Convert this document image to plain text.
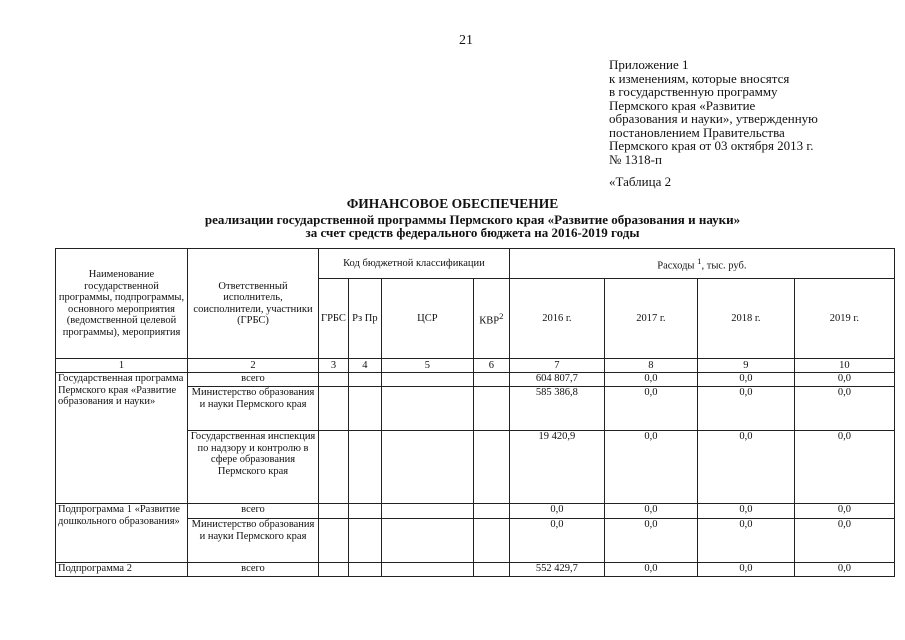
21
Приложение 1
к изменениям, которые вносятся
в государственную программу
Пермского края «Развитие
образования и науки», утвержденную
постановлением Правительства
Пермского края от 03 октября 2013 г.
№ 1318-п
«Таблица 2
ФИНАНСОВОЕ ОБЕСПЕЧЕНИЕ
реализации государственной программы Пермского края «Развитие образования и науки»
за счет средств федерального бюджета на 2016-2019 годы
Наименование государственной программы, подпрограммы, основного мероприятия (ведомственной целевой программы), мероприятия	Ответственный исполнитель, соисполнители, участники (ГРБС)	Код бюджетной классификации				Расходы $^1$, тыс. руб.			
		ГРБС	Рз Пр	ЦСР	КВР$^2$	2016 г.	2017 г.	2018 г.	2019 г.
1	2	3	4	5	6	7	8	9	10
Государственная программа Пермского края «Развитие образования и науки»	всего					604 807,7	0,0	0,0	0,0
	Министерство образования и науки Пермского края					585 386,8	0,0	0,0	0,0
	Государственная инспекция по надзору и контролю в сфере образования Пермского края					19 420,9	0,0	0,0	0,0
Подпрограмма 1 «Развитие дошкольного образования»	всего					0,0	0,0	0,0	0,0
	Министерство образования и науки Пермского края					0,0	0,0	0,0	0,0
Подпрограмма 2	всего					552 429,7	0,0	0,0	0,0
